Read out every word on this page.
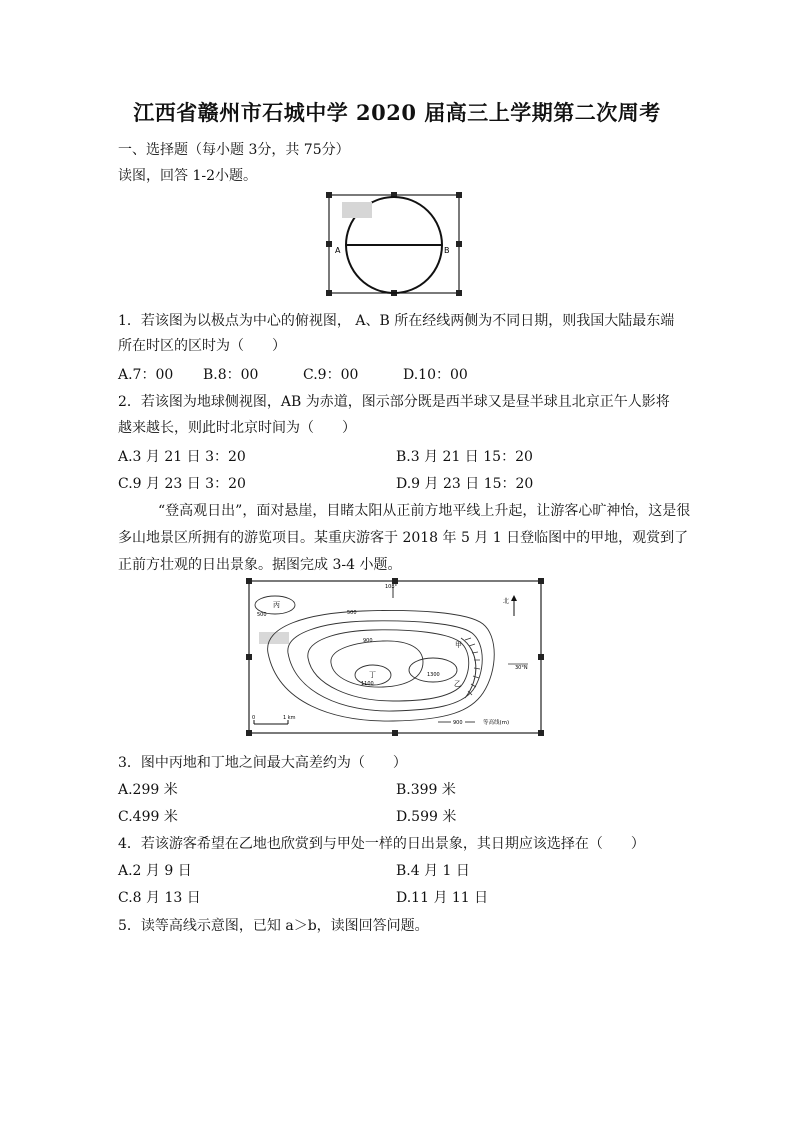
江西省赣州市石城中学 2020 届高三上学期第二次周考
一、选择题（每小题 3分，共 75分）
读图，回答 1-2小题。
A	B
1．若该图为以极点为中心的俯视图， A、B 所在经线两侧为不同日期，则我国大陆最东端
所在时区的区时为（　　）
A.7：00 B.8：00	C.9：00	D.10：00
2．若该图为地球侧视图，AB 为赤道，图示部分既是西半球又是昼半球且北京正午人影将
越来越长，则此时北京时间为（　　）
A.3 月 21 日 3：20	B.3 月 21 日 15：20
C.9 月 23 日 3：20	D.9 月 23 日 15：20
“登高观日出”，面对悬崖，目睹太阳从正前方地平线上升起，让游客心旷神怡，这是很
多山地景区所拥有的游览项目。某重庆游客于 2018 年 5 月 1 日登临图中的甲地，观赏到了
正前方壮观的日出景象。据图完成 3-4 小题。
108°
30°N
北
丙
500	500
900
1100
1300
甲
乙
丁
0	1 km
900	等高线(m)
3．图中丙地和丁地之间最大高差约为（　　）
A.299 米	B.399 米
C.499 米	D.599 米
4．若该游客希望在乙地也欣赏到与甲处一样的日出景象，其日期应该选择在（　　）
A.2 月 9 日	B.4 月 1 日
C.8 月 13 日	D.11 月 11 日
5．读等高线示意图，已知 a＞b，读图回答问题。
